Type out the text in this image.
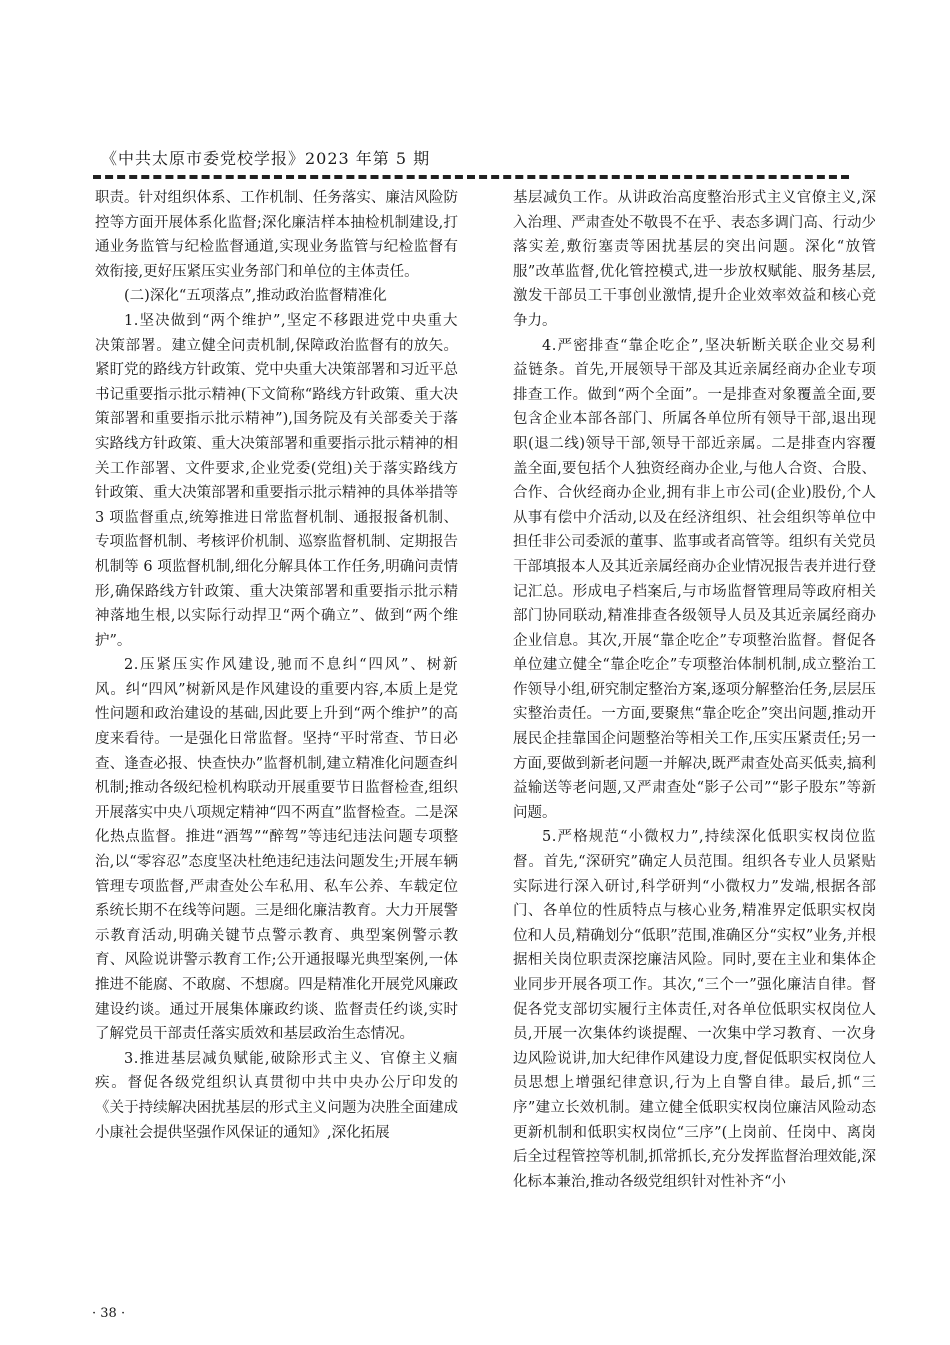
《中共太原市委党校学报》2023 年第 5 期

职责。针对组织体系、工作机制、任务落实、廉洁风险防控等方面开展体系化监督;深化廉洁样本抽检机制建设,打通业务监管与纪检监督通道,实现业务监管与纪检监督有效衔接,更好压紧压实业务部门和单位的主体责任。

(二)深化“五项落点”,推动政治监督精准化

1.坚决做到“两个维护”,坚定不移跟进党中央重大决策部署。建立健全问责机制,保障政治监督有的放矢。紧盯党的路线方针政策、党中央重大决策部署和习近平总书记重要指示批示精神(下文简称“路线方针政策、重大决策部署和重要指示批示精神”),国务院及有关部委关于落实路线方针政策、重大决策部署和重要指示批示精神的相关工作部署、文件要求,企业党委(党组)关于落实路线方针政策、重大决策部署和重要指示批示精神的具体举措等 3 项监督重点,统筹推进日常监督机制、通报报备机制、专项监督机制、考核评价机制、巡察监督机制、定期报告机制等 6 项监督机制,细化分解具体工作任务,明确问责情形,确保路线方针政策、重大决策部署和重要指示批示精神落地生根,以实际行动捍卫“两个确立”、做到“两个维护”。

2.压紧压实作风建设,驰而不息纠“四风”、树新风。纠“四风”树新风是作风建设的重要内容,本质上是党性问题和政治建设的基础,因此要上升到“两个维护”的高度来看待。一是强化日常监督。坚持“平时常查、节日必查、逢查必报、快查快办”监督机制,建立精准化问题查纠机制;推动各级纪检机构联动开展重要节日监督检查,组织开展落实中央八项规定精神“四不两直”监督检查。二是深化热点监督。推进“酒驾”“醉驾”等违纪违法问题专项整治,以“零容忍”态度坚决杜绝违纪违法问题发生;开展车辆管理专项监督,严肃查处公车私用、私车公养、车载定位系统长期不在线等问题。三是细化廉洁教育。大力开展警示教育活动,明确关键节点警示教育、典型案例警示教育、风险说讲警示教育工作;公开通报曝光典型案例,一体推进不能腐、不敢腐、不想腐。四是精准化开展党风廉政建设约谈。通过开展集体廉政约谈、监督责任约谈,实时了解党员干部责任落实质效和基层政治生态情况。

3.推进基层减负赋能,破除形式主义、官僚主义痼疾。督促各级党组织认真贯彻中共中央办公厅印发的《关于持续解决困扰基层的形式主义问题为决胜全面建成小康社会提供坚强作风保证的通知》,深化拓展

基层减负工作。从讲政治高度整治形式主义官僚主义,深入治理、严肃查处不敬畏不在乎、表态多调门高、行动少落实差,敷衍塞责等困扰基层的突出问题。深化“放管服”改革监督,优化管控模式,进一步放权赋能、服务基层,激发干部员工干事创业激情,提升企业效率效益和核心竞争力。

4.严密排查“靠企吃企”,坚决斩断关联企业交易利益链条。首先,开展领导干部及其近亲属经商办企业专项排查工作。做到“两个全面”。一是排查对象覆盖全面,要包含企业本部各部门、所属各单位所有领导干部,退出现职(退二线)领导干部,领导干部近亲属。二是排查内容覆盖全面,要包括个人独资经商办企业,与他人合资、合股、合作、合伙经商办企业,拥有非上市公司(企业)股份,个人从事有偿中介活动,以及在经济组织、社会组织等单位中担任非公司委派的董事、监事或者高管等。组织有关党员干部填报本人及其近亲属经商办企业情况报告表并进行登记汇总。形成电子档案后,与市场监督管理局等政府相关部门协同联动,精准排查各级领导人员及其近亲属经商办企业信息。其次,开展“靠企吃企”专项整治监督。督促各单位建立健全“靠企吃企”专项整治体制机制,成立整治工作领导小组,研究制定整治方案,逐项分解整治任务,层层压实整治责任。一方面,要聚焦“靠企吃企”突出问题,推动开展民企挂靠国企问题整治等相关工作,压实压紧责任;另一方面,要做到新老问题一并解决,既严肃查处高买低卖,搞利益输送等老问题,又严肃查处“影子公司”“影子股东”等新问题。

5.严格规范“小微权力”,持续深化低职实权岗位监督。首先,“深研究”确定人员范围。组织各专业人员紧贴实际进行深入研讨,科学研判“小微权力”发端,根据各部门、各单位的性质特点与核心业务,精准界定低职实权岗位和人员,精确划分“低职”范围,准确区分“实权”业务,并根据相关岗位职责深挖廉洁风险。同时,要在主业和集体企业同步开展各项工作。其次,“三个一”强化廉洁自律。督促各党支部切实履行主体责任,对各单位低职实权岗位人员,开展一次集体约谈提醒、一次集中学习教育、一次身边风险说讲,加大纪律作风建设力度,督促低职实权岗位人员思想上增强纪律意识,行为上自警自律。最后,抓“三序”建立长效机制。建立健全低职实权岗位廉洁风险动态更新机制和低职实权岗位“三序”(上岗前、任岗中、离岗后全过程管控等机制,抓常抓长,充分发挥监督治理效能,深化标本兼治,推动各级党组织针对性补齐“小

· 38 ·
